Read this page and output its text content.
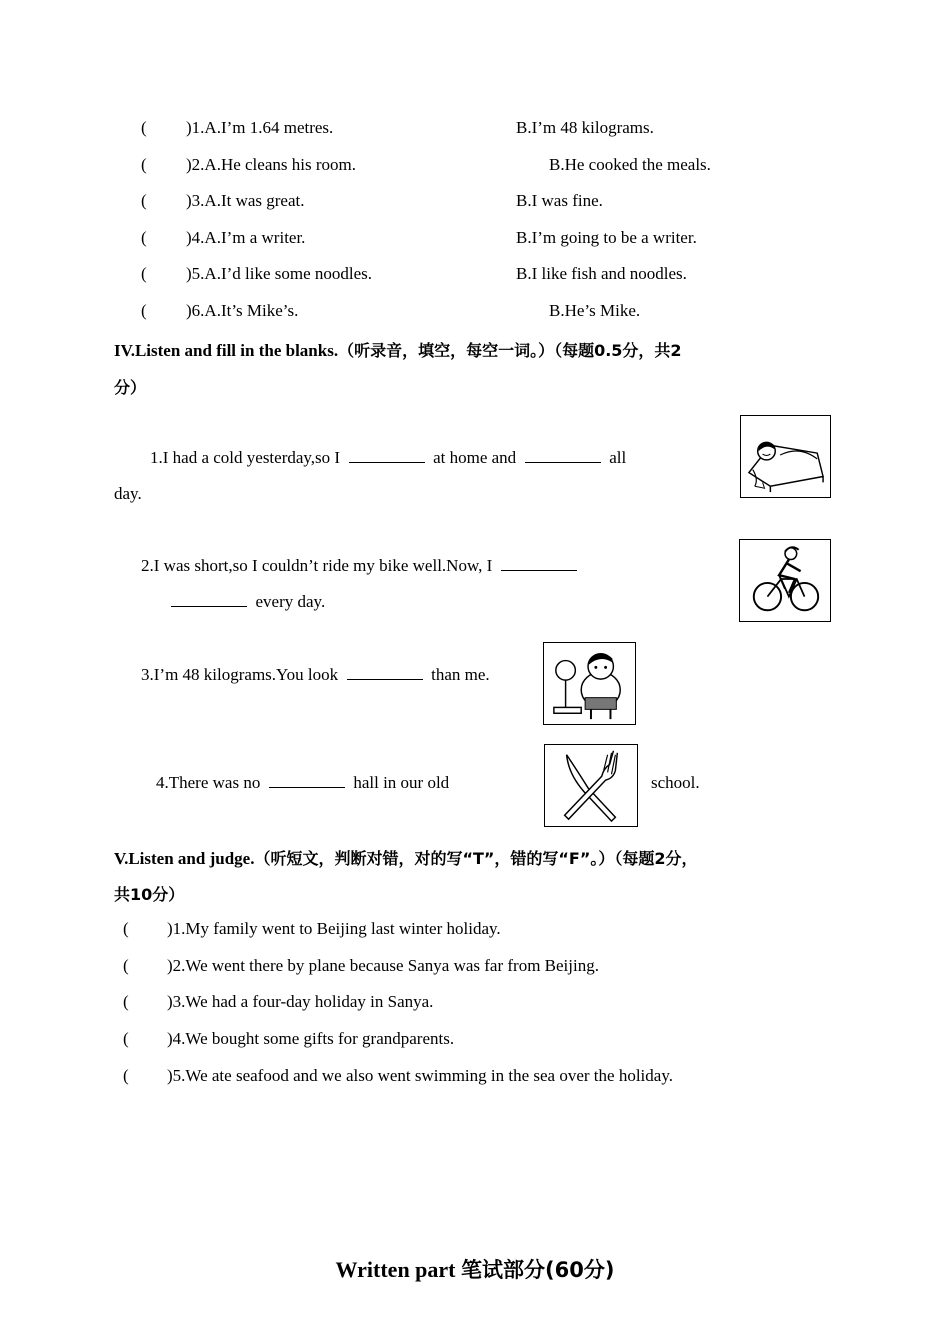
( )1.A.I’m 1.64 metres.	B.I’m 48 kilograms.
( )2.A.He cleans his room.	B.He cooked the meals.
( )3.A.It was great.	B.I was fine.
( )4.A.I’m a writer.	B.I’m going to be a writer.
( )5.A.I’d like some noodles.	B.I like fish and noodles.
( )6.A.It’s Mike’s.	B.He’s Mike.
IV.Listen and fill in the blanks.（听录音，填空，每空一词。）（每题0.5分，共2
分）
1.I had a cold yesterday,so I	at home and	all
day.
2.I was short,so I couldn’t ride my bike well.Now, I
every day.
3.I’m 48 kilograms.You look	than me.
4.There was no	hall in our old	school.
V.Listen and judge.（听短文，判断对错，对的写“T”，错的写“F”。）（每题2分，
共10分）
( )1.My family went to Beijing last winter holiday.
( )2.We went there by plane because Sanya was far from Beijing.
( )3.We had a four-day holiday in Sanya.
( )4.We bought some gifts for grandparents.
( )5.We ate seafood and we also went swimming in the sea over the holiday.
Written part 笔试部分(60分)
